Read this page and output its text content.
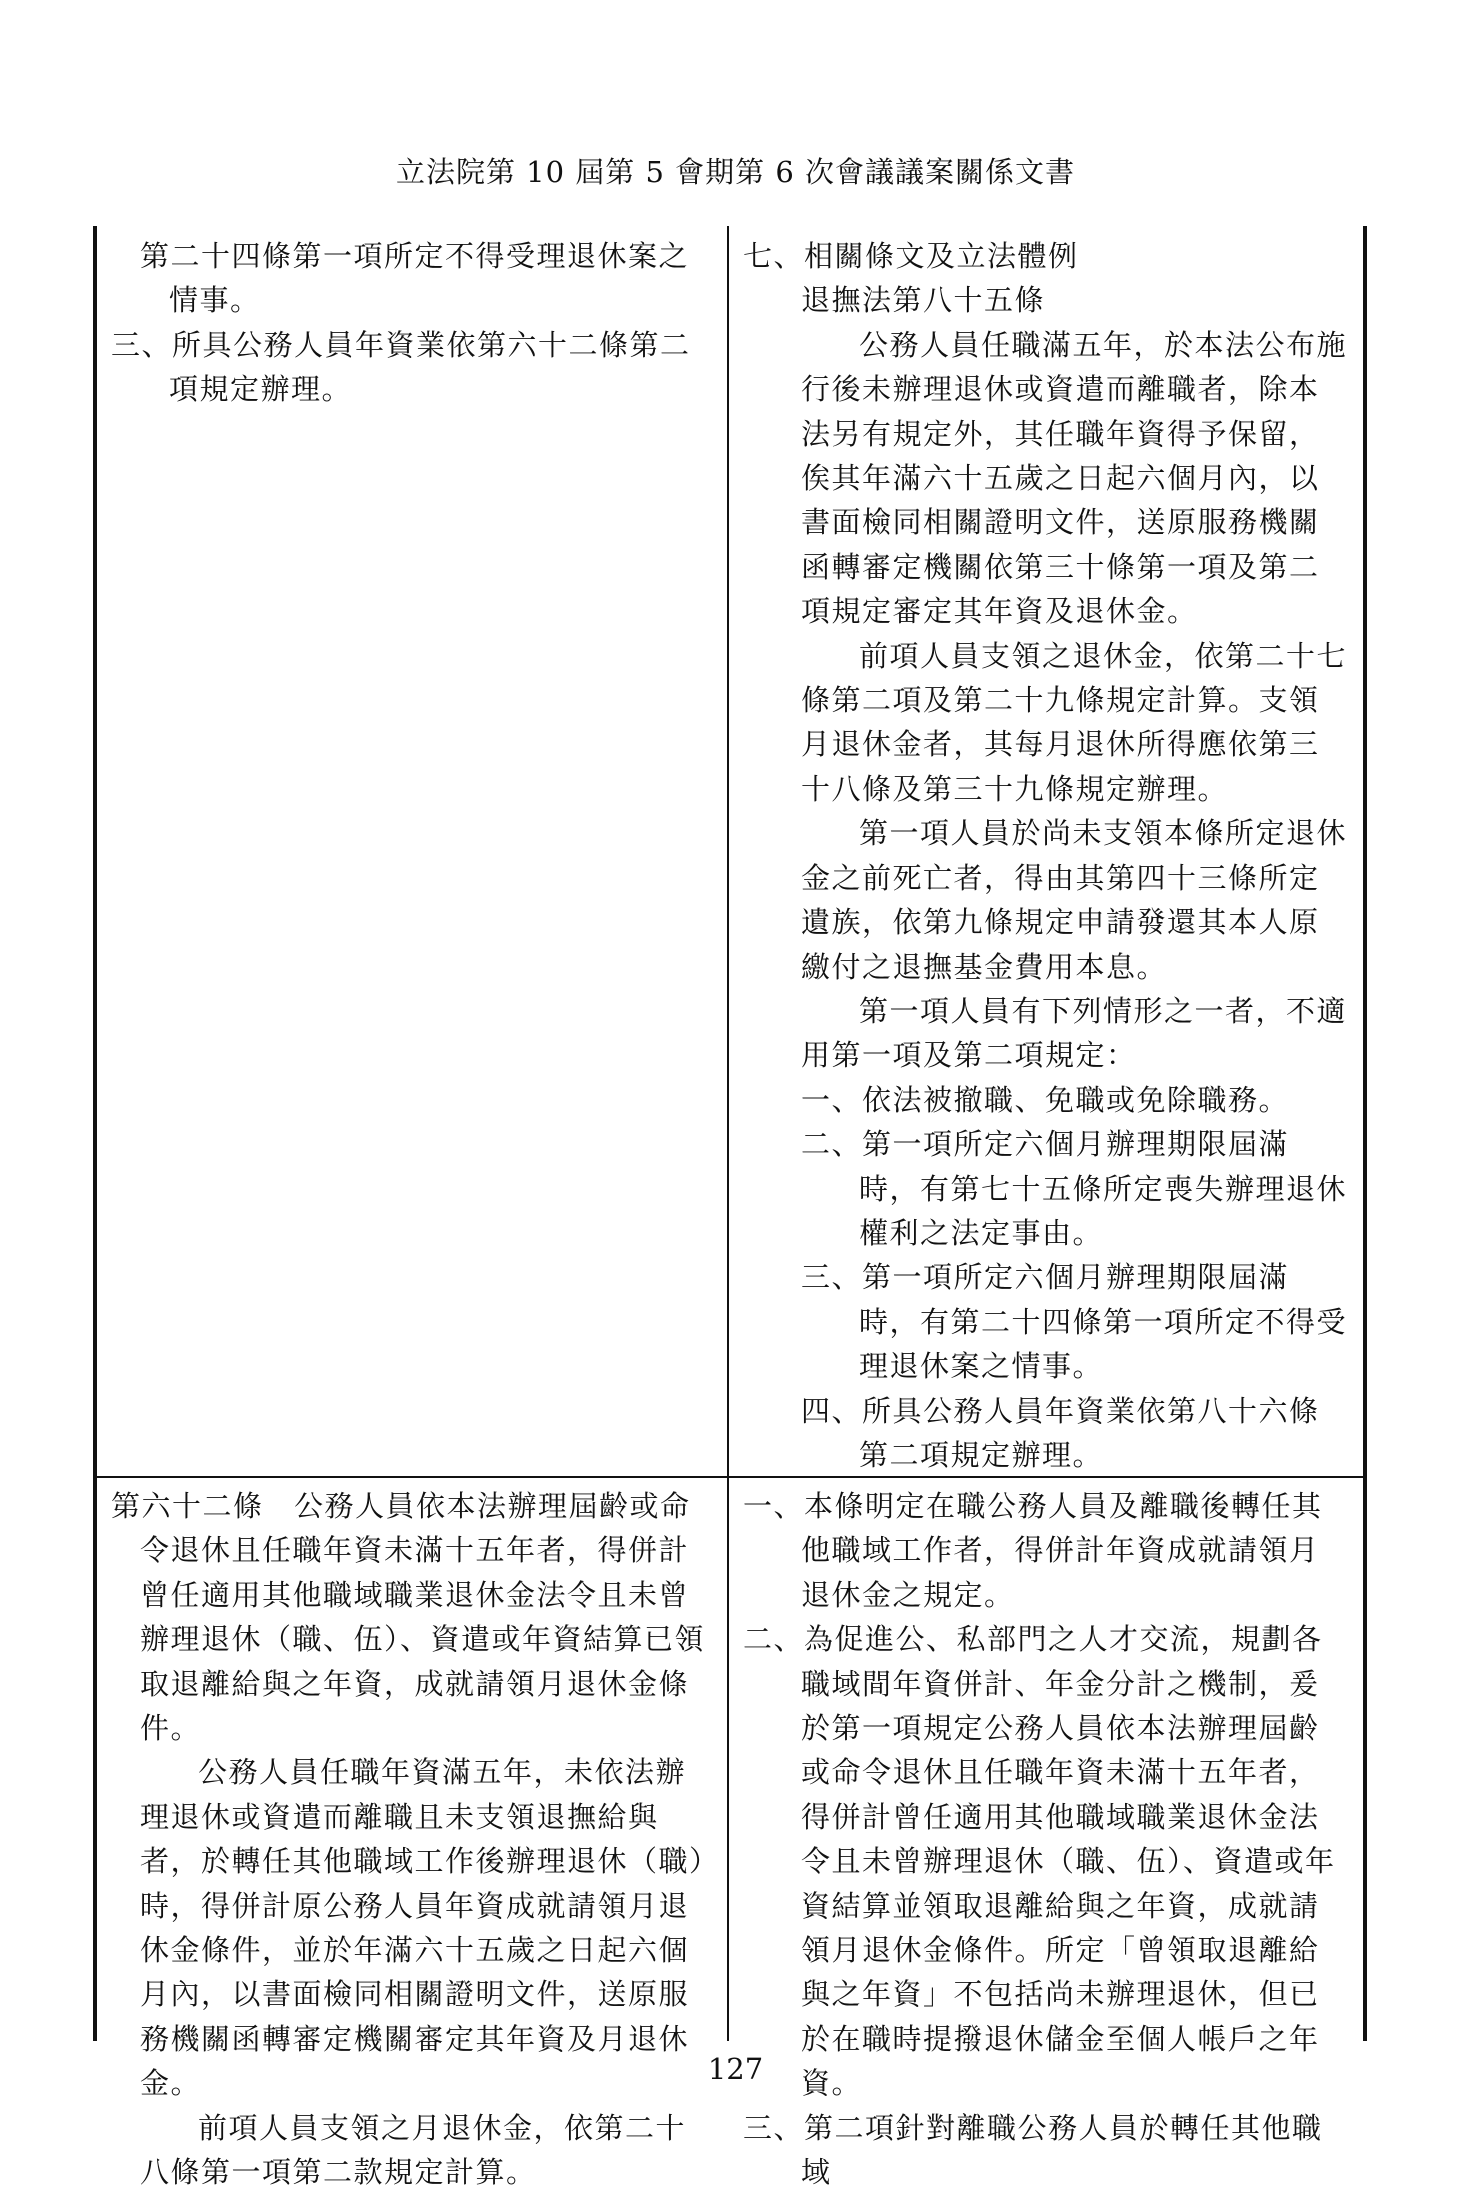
立法院第 10 屆第 5 會期第 6 次會議議案關係文書

第二十四條第一項所定不得受理退休案之情事。

三、所具公務人員年資業依第六十二條第二項規定辦理。

七、相關條文及立法體例

退撫法第八十五條

公務人員任職滿五年，於本法公布施行後未辦理退休或資遣而離職者，除本法另有規定外，其任職年資得予保留，俟其年滿六十五歲之日起六個月內，以書面檢同相關證明文件，送原服務機關函轉審定機關依第三十條第一項及第二項規定審定其年資及退休金。

前項人員支領之退休金，依第二十七條第二項及第二十九條規定計算。支領月退休金者，其每月退休所得應依第三十八條及第三十九條規定辦理。

第一項人員於尚未支領本條所定退休金之前死亡者，得由其第四十三條所定遺族，依第九條規定申請發還其本人原繳付之退撫基金費用本息。

第一項人員有下列情形之一者，不適用第一項及第二項規定：

一、依法被撤職、免職或免除職務。

二、第一項所定六個月辦理期限屆滿時，有第七十五條所定喪失辦理退休權利之法定事由。

三、第一項所定六個月辦理期限屆滿時，有第二十四條第一項所定不得受理退休案之情事。

四、所具公務人員年資業依第八十六條第二項規定辦理。

第六十二條　公務人員依本法辦理屆齡或命令退休且任職年資未滿十五年者，得併計曾任適用其他職域職業退休金法令且未曾辦理退休（職、伍）、資遣或年資結算已領取退離給與之年資，成就請領月退休金條件。

公務人員任職年資滿五年，未依法辦理退休或資遣而離職且未支領退撫給與者，於轉任其他職域工作後辦理退休（職）時，得併計原公務人員年資成就請領月退休金條件，並於年滿六十五歲之日起六個月內，以書面檢同相關證明文件，送原服務機關函轉審定機關審定其年資及月退休金。

前項人員支領之月退休金，依第二十八條第一項第二款規定計算。

一、本條明定在職公務人員及離職後轉任其他職域工作者，得併計年資成就請領月退休金之規定。

二、為促進公、私部門之人才交流，規劃各職域間年資併計、年金分計之機制，爰於第一項規定公務人員依本法辦理屆齡或命令退休且任職年資未滿十五年者，得併計曾任適用其他職域職業退休金法令且未曾辦理退休（職、伍）、資遣或年資結算並領取退離給與之年資，成就請領月退休金條件。所定「曾領取退離給與之年資」不包括尚未辦理退休，但已於在職時提撥退休儲金至個人帳戶之年資。

三、第二項針對離職公務人員於轉任其他職域

127
